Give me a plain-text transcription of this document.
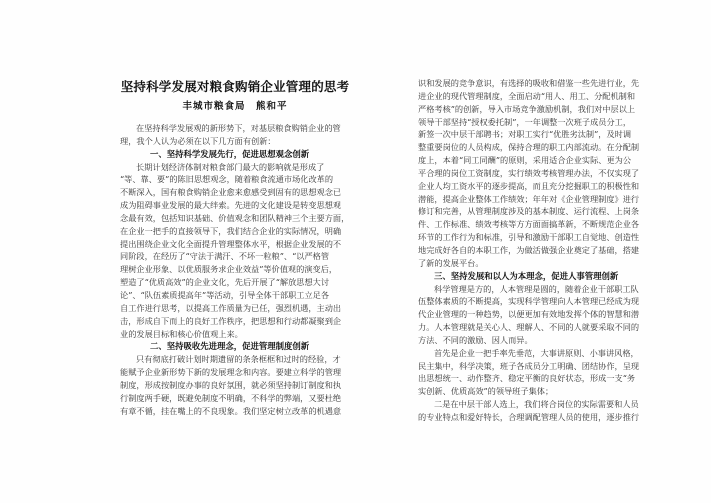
坚持科学发展对粮食购销企业管理的思考
丰城市粮食局　熊和平
在坚持科学发展观的新形势下，对基层粮食购销企业的管
理，我个人认为必须在以下几方面有创新：
一、坚持科学发展先行，促进思想观念创新
长期计划经济体制对粮食部门最大的影响就是形成了
“等、靠、要”的陈旧思想观念，随着粮食流通市场化改革的
不断深入，国有粮食购销企业愈来愈感受到固有的思想观念已
成为阻碍事业发展的最大绊索。先进的文化建设是转变思想观
念最有效，包括知识基础、价值观念和团队精神三个主要方面，
在企业一把手的直接领导下，我们结合企业的实际情况，明确
提出围绕企业文化全面提升管理整体水平，根据企业发展的不
同阶段，在经历了“守法于满汗、不坏一粒粮”、“以严格管
理树企业形象、以优质服务求企业效益”等价值观的演变后，
塑造了“优质高效”的企业文化，先后开展了“解放思想大讨
论”、“队伍素质提高年”等活动，引导全体干部职工立足各
自工作进行思考，以提高工作质量为已任，强烈机遇，主动出
击，形成自下而上的良好工作秩序，把思想和行动都凝聚到企
业的发展目标和核心价值观上来。
二、坚持吸收先进理念，促进管理制度创新
只有彻底打破计划时期遗留的条条框框和过时的经验，才
能赋予企业新形势下新的发展理念和内容。要建立科学的管理
制度，形成按制度办事的良好氛围，就必须坚持制订制度和执
行制度两手硬，既避免制度不明确，不科学的弊端，又要杜绝
有章不循，挂在嘴上的不良现象。我们坚定树立改革的机遇意
识和发展的竞争意识，有选择的吸收和借鉴一些先进行业，先
进企业的现代管理制度，全面启动“用人、用工、分配机制和
严格考核”的创新，导入市场竞争激励机制，我们对中层以上
领导干部坚持“授权委托制”，一年调整一次班子成员分工，
新签一次中层干部聘书；对职工实行“优胜劣汰制”，及时调
整重要岗位的人员构成，保持合理的职工内部流动。在分配制
度上，本着“同工同酬”的原则，采用适合企业实际、更为公
平合理的岗位工资制度，实行绩效考核管理办法，不仅实现了
企业人均工资水平的逐步提高，而且充分挖掘职工的积极性和
潜能，提高企业整体工作绩效；年年对《企业管理制度》进行
修订和完善，从管理制度涉及的基本制度、运行流程、上岗条
件、工作标准、绩效考核等方方面面搞革新，不断规范企业各
环节的工作行为和标准，引导和激励干部职工自觉地、创造性
地完成好各自的本职工作，为做活做强企业奠定了基础，搭建
了新的发展平台。
三、坚持发展和以人为本理念，促进人事管理创新
科学管理是方的，人本管理是圆的，随着企业干部职工队
伍整体素质的不断提高，实现科学管理向人本管理已经成为现
代企业管理的一种趋势，以便更加有效地发挥个体的智慧和潜
力。人本管理就是关心人、理解人、不同的人就要采取不同的
方法、不同的激励、因人而异。
首先是企业一把手率先垂范，大事讲原则、小事讲风格，
民主集中，科学决策，班子各成员分工明确、团结协作，呈现
出思想统一、动作整齐、稳定平衡的良好状态，形成一支“务
实创新、优质高效”的领导班子集体；
二是在中层干部人选上，我们将合岗位的实际需要和人员
的专业特点和爱好特长，合理调配管理人员的使用，逐步推行
